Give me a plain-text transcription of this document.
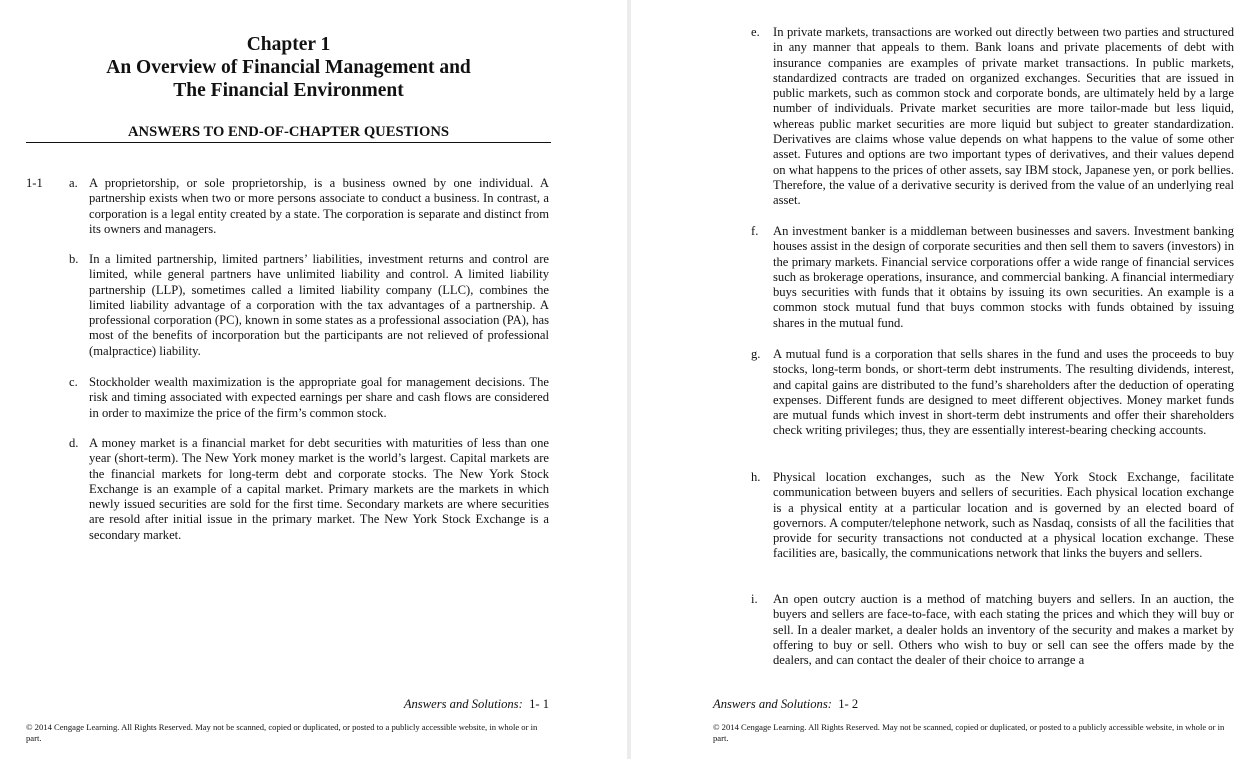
Chapter 1
An Overview of Financial Management and
The Financial Environment
ANSWERS TO END-OF-CHAPTER QUESTIONS
1-1 a. A proprietorship, or sole proprietorship, is a business owned by one individual. A partnership exists when two or more persons associate to conduct a business. In contrast, a corporation is a legal entity created by a state. The corporation is separate and distinct from its owners and managers.
b. In a limited partnership, limited partners’ liabilities, investment returns and control are limited, while general partners have unlimited liability and control. A limited liability partnership (LLP), sometimes called a limited liability company (LLC), combines the limited liability advantage of a corporation with the tax advantages of a partnership. A professional corporation (PC), known in some states as a professional association (PA), has most of the benefits of incorporation but the participants are not relieved of professional (malpractice) liability.
c. Stockholder wealth maximization is the appropriate goal for management decisions. The risk and timing associated with expected earnings per share and cash flows are considered in order to maximize the price of the firm’s common stock.
d. A money market is a financial market for debt securities with maturities of less than one year (short-term). The New York money market is the world’s largest. Capital markets are the financial markets for long-term debt and corporate stocks. The New York Stock Exchange is an example of a capital market. Primary markets are the markets in which newly issued securities are sold for the first time. Secondary markets are where securities are resold after initial issue in the primary market. The New York Stock Exchange is a secondary market.
Answers and Solutions: 1- 1
© 2014 Cengage Learning. All Rights Reserved. May not be scanned, copied or duplicated, or posted to a publicly accessible website, in whole or in part.
e. In private markets, transactions are worked out directly between two parties and structured in any manner that appeals to them. Bank loans and private placements of debt with insurance companies are examples of private market transactions. In public markets, standardized contracts are traded on organized exchanges. Securities that are issued in public markets, such as common stock and corporate bonds, are ultimately held by a large number of individuals. Private market securities are more tailor-made but less liquid, whereas public market securities are more liquid but subject to greater standardization. Derivatives are claims whose value depends on what happens to the value of some other asset. Futures and options are two important types of derivatives, and their values depend on what happens to the prices of other assets, say IBM stock, Japanese yen, or pork bellies. Therefore, the value of a derivative security is derived from the value of an underlying real asset.
f. An investment banker is a middleman between businesses and savers. Investment banking houses assist in the design of corporate securities and then sell them to savers (investors) in the primary markets. Financial service corporations offer a wide range of financial services such as brokerage operations, insurance, and commercial banking. A financial intermediary buys securities with funds that it obtains by issuing its own securities. An example is a common stock mutual fund that buys common stocks with funds obtained by issuing shares in the mutual fund.
g. A mutual fund is a corporation that sells shares in the fund and uses the proceeds to buy stocks, long-term bonds, or short-term debt instruments. The resulting dividends, interest, and capital gains are distributed to the fund’s shareholders after the deduction of operating expenses. Different funds are designed to meet different objectives. Money market funds are mutual funds which invest in short-term debt instruments and offer their shareholders check writing privileges; thus, they are essentially interest-bearing checking accounts.
h. Physical location exchanges, such as the New York Stock Exchange, facilitate communication between buyers and sellers of securities. Each physical location exchange is a physical entity at a particular location and is governed by an elected board of governors. A computer/telephone network, such as Nasdaq, consists of all the facilities that provide for security transactions not conducted at a physical location exchange. These facilities are, basically, the communications network that links the buyers and sellers.
i. An open outcry auction is a method of matching buyers and sellers. In an auction, the buyers and sellers are face-to-face, with each stating the prices and which they will buy or sell. In a dealer market, a dealer holds an inventory of the security and makes a market by offering to buy or sell. Others who wish to buy or sell can see the offers made by the dealers, and can contact the dealer of their choice to arrange a
Answers and Solutions: 1- 2
© 2014 Cengage Learning. All Rights Reserved. May not be scanned, copied or duplicated, or posted to a publicly accessible website, in whole or in part.
